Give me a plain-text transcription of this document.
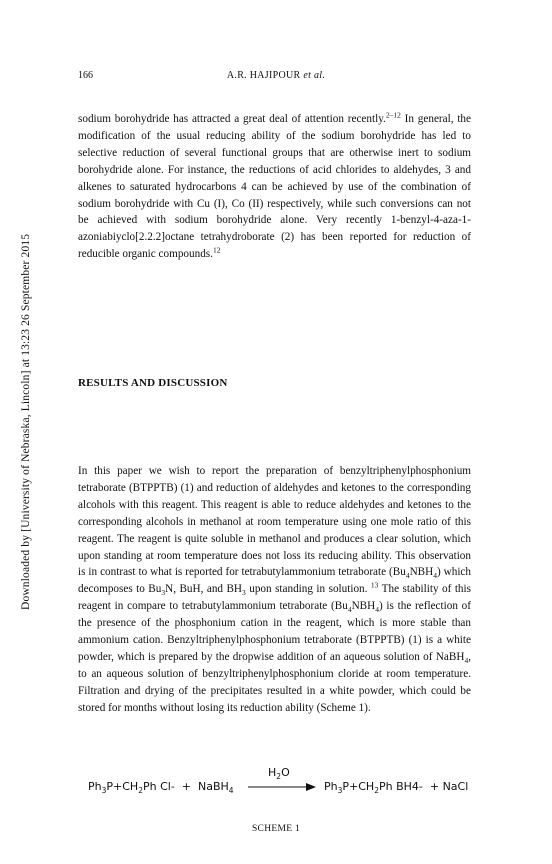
166	A.R. HAJIPOUR et al.
Downloaded by [University of Nebraska, Lincoln] at 13:23 26 September 2015

sodium borohydride has attracted a great deal of attention recently.$^{2-12}$ In general, the modification of the usual reducing ability of the sodium borohydride has led to selective reduction of several functional groups that are otherwise inert to sodium borohydride alone. For instance, the reductions of acid chlorides to aldehydes, 3 and alkenes to saturated hydrocarbons 4 can be achieved by use of the combination of sodium borohydride with Cu (I), Co (II) respectively, while such conversions can not be achieved with sodium borohydride alone. Very recently 1-benzyl-4-aza-1-azoniabiyclo[2.2.2]octane tetrahydroborate (2) has been reported for reduction of reducible organic compounds.$^{12}$

RESULTS AND DISCUSSION

In this paper we wish to report the preparation of benzyltriphenylphosphonium tetraborate (BTPPTB) (1) and reduction of aldehydes and ketones to the corresponding alcohols with this reagent. This reagent is able to reduce aldehydes and ketones to the corresponding alcohols in methanol at room temperature using one mole ratio of this reagent. The reagent is quite soluble in methanol and produces a clear solution, which upon standing at room temperature does not loss its reducing ability. This observation is in contrast to what is reported for tetrabutylammonium tetraborate $(Bu_4NBH_4)$ which decomposes to $Bu_3N$, BuH, and $BH_3$ upon standing in solution. $^{13}$ The stability of this reagent in compare to tetrabutylammonium tetraborate $(Bu_4NBH_4)$ is the reflection of the presence of the phosphonium cation in the reagent, which is more stable than ammonium cation. Benzyltriphenylphosphonium tetraborate (BTPPTB) (1) is a white powder, which is prepared by the dropwise addition of an aqueous solution of NaBH$_4$, to an aqueous solution of benzyltriphenylphosphonium cloride at room temperature. Filtration and drying of the precipitates resulted in a white powder, which could be stored for months without losing its reduction ability (Scheme 1).

$Ph_3P+CH_2Ph$ Cl-  +  NaBH$_4$
$H_2O$
$Ph_3P+CH_2Ph$ BH4-  + NaCl
SCHEME 1
